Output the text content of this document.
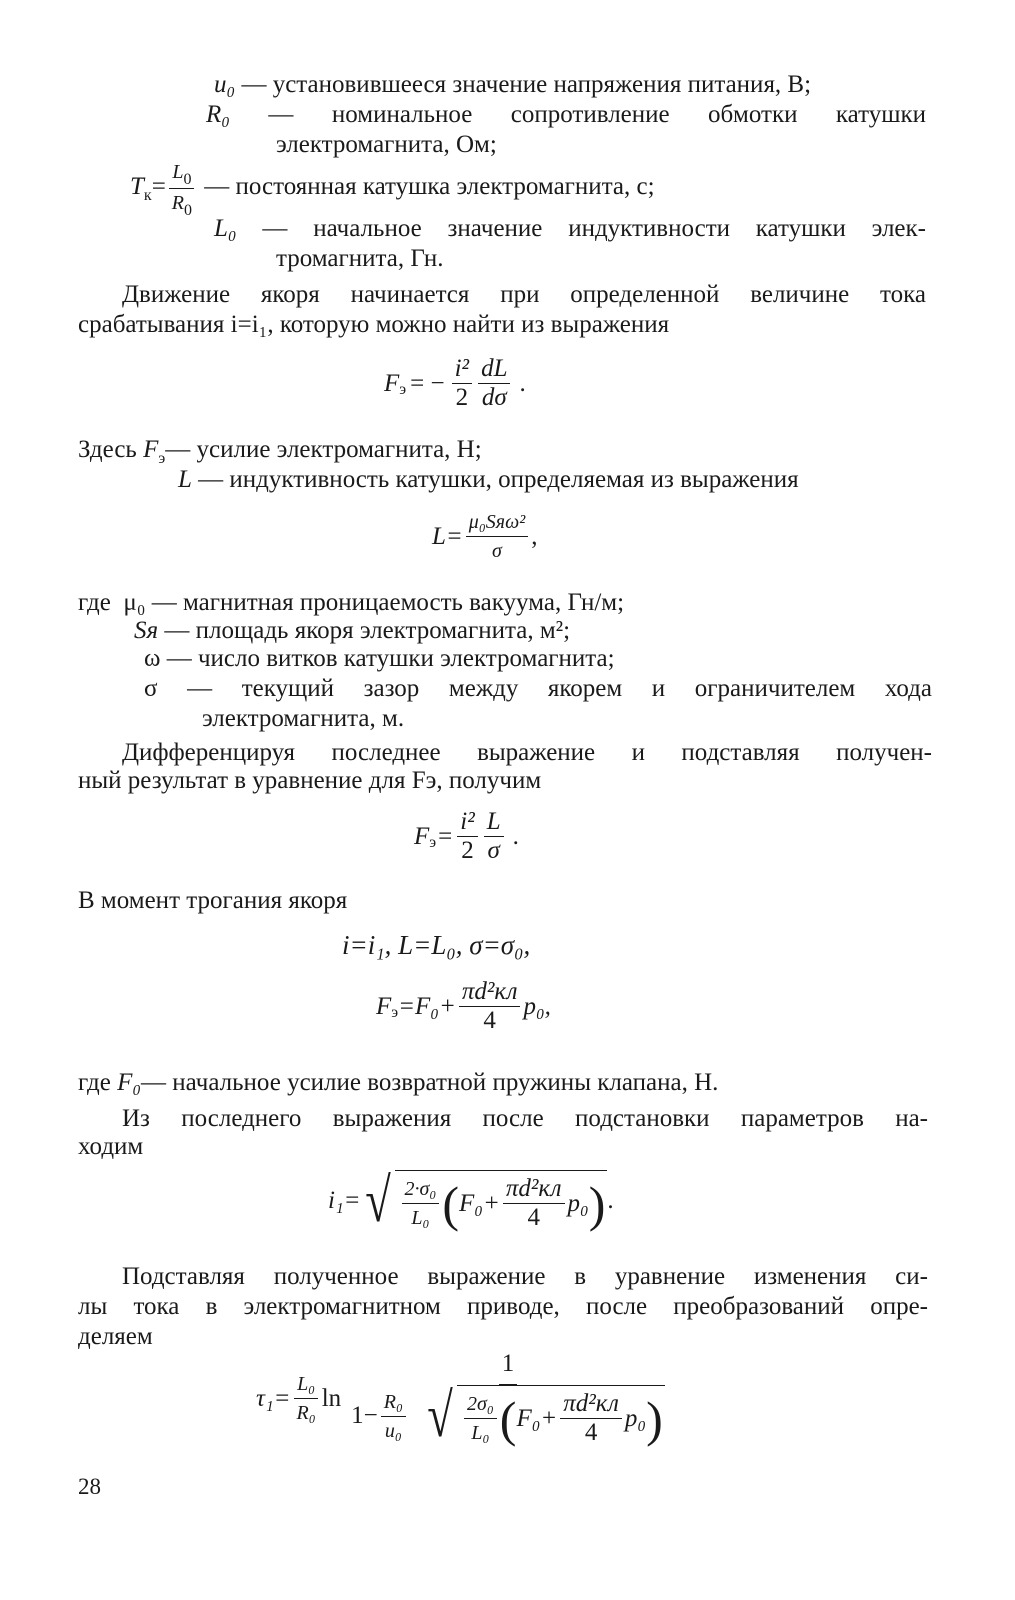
u₀ — установившееся значение напряжения питания, В;
R₀ — номинальное сопротивление обмотки катушки
электромагнита, Ом;
$T_к= \frac{L_0}{R_0}$ — постоянная катушка электромагнита, с;
L₀ — начальное значение индуктивности катушки элек-
тромагнита, Гн.
Движение якоря начинается при определенной величине тока
срабатывания i=i₁, которую можно найти из выражения
F э = − $\frac{\text{i²}}{2} \frac{dL}{d\sigma}$ .
Здесь $F_э—$ усилие электромагнита, Н;
L — индуктивность катушки, определяемая из выражения
$L= \frac{\text{μ₀Sяω²}}{\sigma}$ ,
где μ₀ — магнитная проницаемость вакуума, Гн/м;
Sя — площадь якоря электромагнита, м²;
ω — число витков катушки электромагнита;
σ — текущий зазор между якорем и ограничителем хода
электромагнита, м.
Дифференцируя последнее выражение и подставляя получен-
ный результат в уравнение для Fэ, получим
F $э = \frac{\text{i²}}{2} \frac{L}{\sigma}$ .
В момент трогания якоря
i=i₁, L=L₀, σ=σ₀,
F $э =F_0+ \frac{\text{πd²кл}}{4} p_0$,
где F₀— начальное усилие возвратной пружины клапана, Н.
Из последнего выражения после подстановки параметров на-
ходим
i₁= √ $\frac{\text{2·σ₀}}{\text{L₀}}$ ( $F_0+ \frac{\text{πd²кл}}{4} p_0$ ) .
Подставляя полученное выражение в уравнение изменения си-
лы тока в электромагнитном приводе, после преобразований опре-
деляем
$\tau_1= \frac{\text{L₀}}{\text{R₀}}$ ln
1
$1- \frac{\text{R₀}}{\text{u₀}}$ √ $\frac{\text{2σ₀}}{\text{L₀}}$ ( $F_0+ \frac{\text{πd²кл}}{4} p_0$ )
28
